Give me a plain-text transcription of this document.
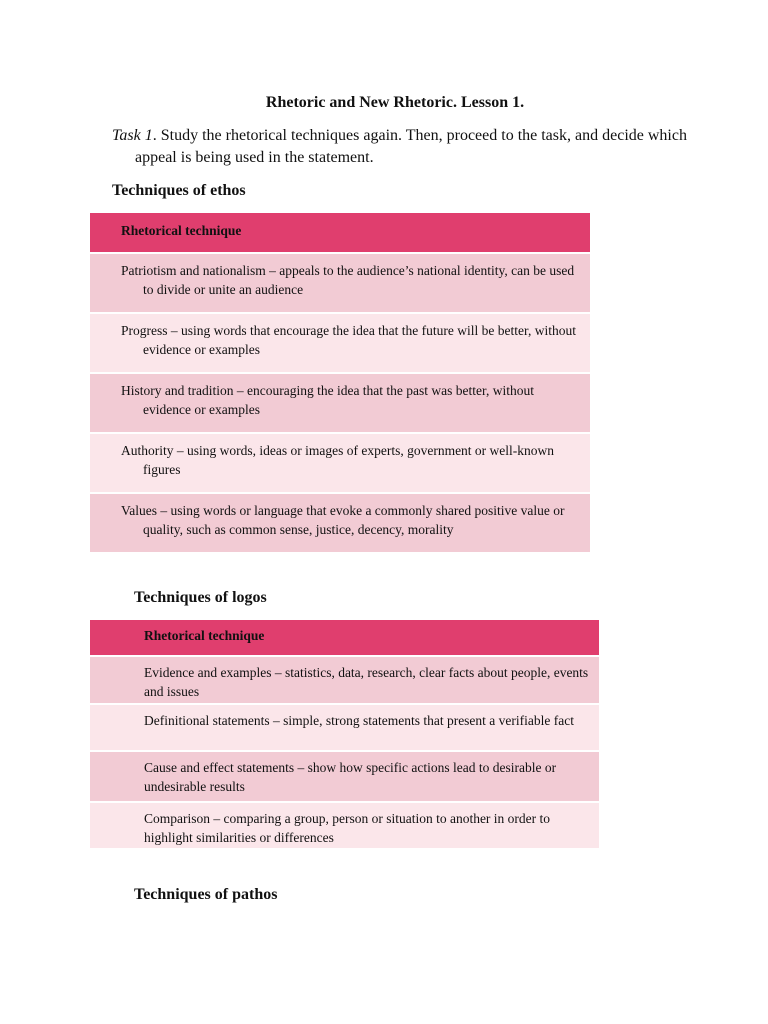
Rhetoric and New Rhetoric. Lesson 1.
Task 1. Study the rhetorical techniques again. Then, proceed to the task, and decide which appeal is being used in the statement.
Techniques of ethos
Rhetorical technique
Patriotism and nationalism – appeals to the audience’s national identity, can be used to divide or unite an audience
Progress – using words that encourage the idea that the future will be better, without evidence or examples
History and tradition – encouraging the idea that the past was better, without evidence or examples
Authority – using words, ideas or images of experts, government or well-known figures
Values – using words or language that evoke a commonly shared positive value or quality, such as common sense, justice, decency, morality
Techniques of logos
Rhetorical technique
Evidence and examples – statistics, data, research, clear facts about people, events and issues
Definitional statements – simple, strong statements that present a verifiable fact
Cause and effect statements – show how specific actions lead to desirable or undesirable results
Comparison – comparing a group, person or situation to another in order to highlight similarities or differences
Techniques of pathos
